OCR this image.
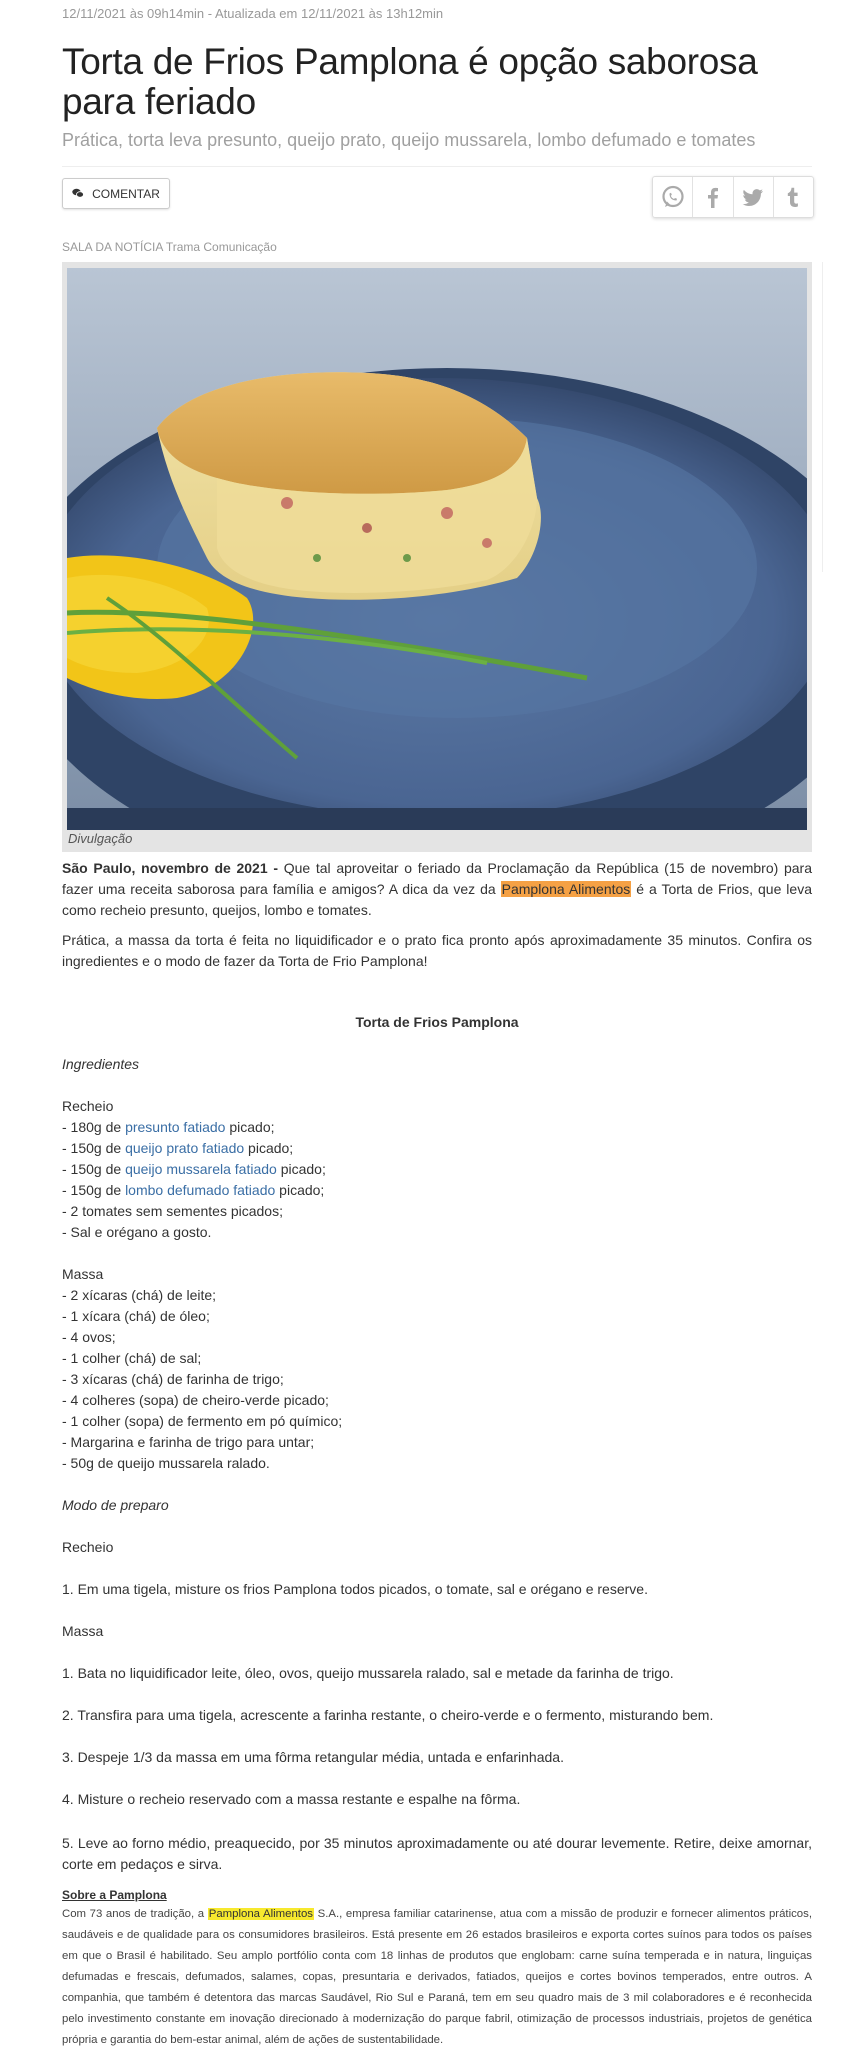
12/11/2021 às 09h14min - Atualizada em 12/11/2021 às 13h12min
Torta de Frios Pamplona é opção saborosa para feriado
Prática, torta leva presunto, queijo prato, queijo mussarela, lombo defumado e tomates
COMENTAR
SALA DA NOTÍCIA Trama Comunicação
Divulgação
São Paulo, novembro de 2021 - Que tal aproveitar o feriado da Proclamação da República (15 de novembro) para fazer uma receita saborosa para família e amigos? A dica da vez da Pamplona Alimentos é a Torta de Frios, que leva como recheio presunto, queijos, lombo e tomates.
Prática, a massa da torta é feita no liquidificador e o prato fica pronto após aproximadamente 35 minutos. Confira os ingredientes e o modo de fazer da Torta de Frio Pamplona!
Torta de Frios Pamplona
Ingredientes
Recheio
- 180g de presunto fatiado picado;
- 150g de queijo prato fatiado picado;
- 150g de queijo mussarela fatiado picado;
- 150g de lombo defumado fatiado picado;
- 2 tomates sem sementes picados;
- Sal e orégano a gosto.
Massa
- 2 xícaras (chá) de leite;
- 1 xícara (chá) de óleo;
- 4 ovos;
- 1 colher (chá) de sal;
- 3 xícaras (chá) de farinha de trigo;
- 4 colheres (sopa) de cheiro-verde picado;
- 1 colher (sopa) de fermento em pó químico;
- Margarina e farinha de trigo para untar;
- 50g de queijo mussarela ralado.
Modo de preparo
Recheio
1. Em uma tigela, misture os frios Pamplona todos picados, o tomate, sal e orégano e reserve.
Massa
1. Bata no liquidificador leite, óleo, ovos, queijo mussarela ralado, sal e metade da farinha de trigo.
2. Transfira para uma tigela, acrescente a farinha restante, o cheiro-verde e o fermento, misturando bem.
3. Despeje 1/3 da massa em uma fôrma retangular média, untada e enfarinhada.
4. Misture o recheio reservado com a massa restante e espalhe na fôrma.
5. Leve ao forno médio, preaquecido, por 35 minutos aproximadamente ou até dourar levemente. Retire, deixe amornar, corte em pedaços e sirva.
Sobre a Pamplona
Com 73 anos de tradição, a Pamplona Alimentos S.A., empresa familiar catarinense, atua com a missão de produzir e fornecer alimentos práticos, saudáveis e de qualidade para os consumidores brasileiros. Está presente em 26 estados brasileiros e exporta cortes suínos para todos os países em que o Brasil é habilitado. Seu amplo portfólio conta com 18 linhas de produtos que englobam: carne suína temperada e in natura, linguiças defumadas e frescais, defumados, salames, copas, presuntaria e derivados, fatiados, queijos e cortes bovinos temperados, entre outros. A companhia, que também é detentora das marcas Saudável, Rio Sul e Paraná, tem em seu quadro mais de 3 mil colaboradores e é reconhecida pelo investimento constante em inovação direcionado à modernização do parque fabril, otimização de processos industriais, projetos de genética própria e garantia do bem-estar animal, além de ações de sustentabilidade.
